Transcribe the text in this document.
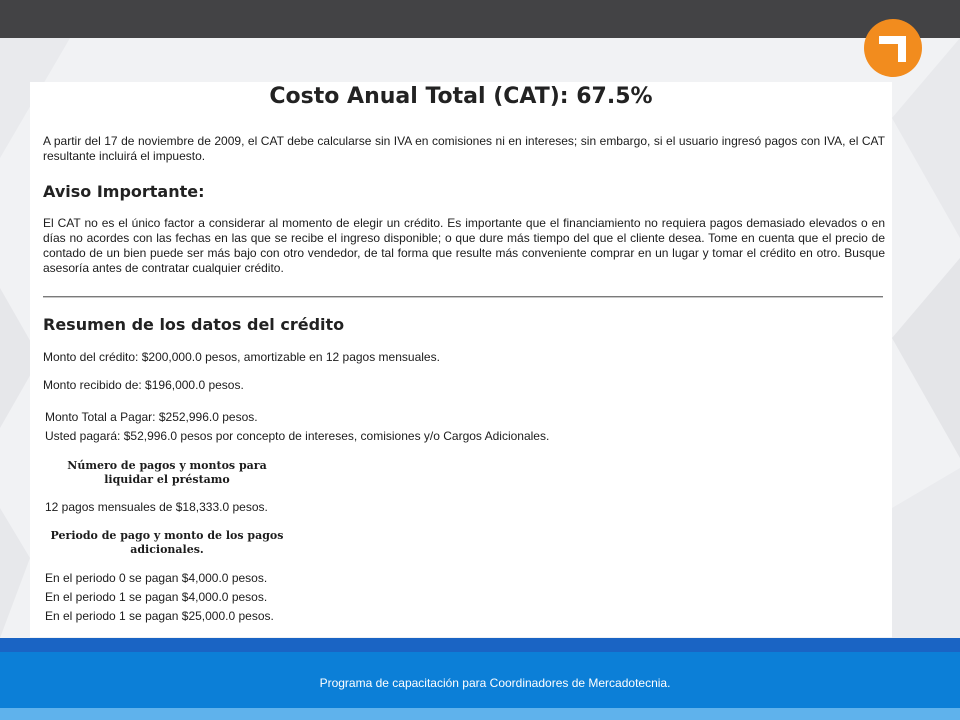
Costo Anual Total (CAT): 67.5%

A partir del 17 de noviembre de 2009, el CAT debe calcularse sin IVA en comisiones ni en intereses; sin embargo, si el usuario ingresó pagos con IVA, el CAT resultante incluirá el impuesto.

Aviso Importante:

El CAT no es el único factor a considerar al momento de elegir un crédito. Es importante que el financiamiento no requiera pagos demasiado elevados o en días no acordes con las fechas en las que se recibe el ingreso disponible; o que dure más tiempo del que el cliente desea. Tome en cuenta que el precio de contado de un bien puede ser más bajo con otro vendedor, de tal forma que resulte más conveniente comprar en un lugar y tomar el crédito en otro. Busque asesoría antes de contratar cualquier crédito.

Resumen de los datos del crédito
Monto del crédito: $200,000.0 pesos, amortizable en 12 pagos mensuales.
Monto recibido de: $196,000.0 pesos.
Monto Total a Pagar: $252,996.0 pesos.
Usted pagará: $52,996.0 pesos por concepto de intereses, comisiones y/o Cargos Adicionales.
Número de pagos y montos para
liquidar el préstamo
12 pagos mensuales de $18,333.0 pesos.
Periodo de pago y monto de los pagos
adicionales.
En el periodo 0 se pagan $4,000.0 pesos.
En el periodo 1 se pagan $4,000.0 pesos.
En el periodo 1 se pagan $25,000.0 pesos.
Programa de capacitación para Coordinadores de Mercadotecnia.
